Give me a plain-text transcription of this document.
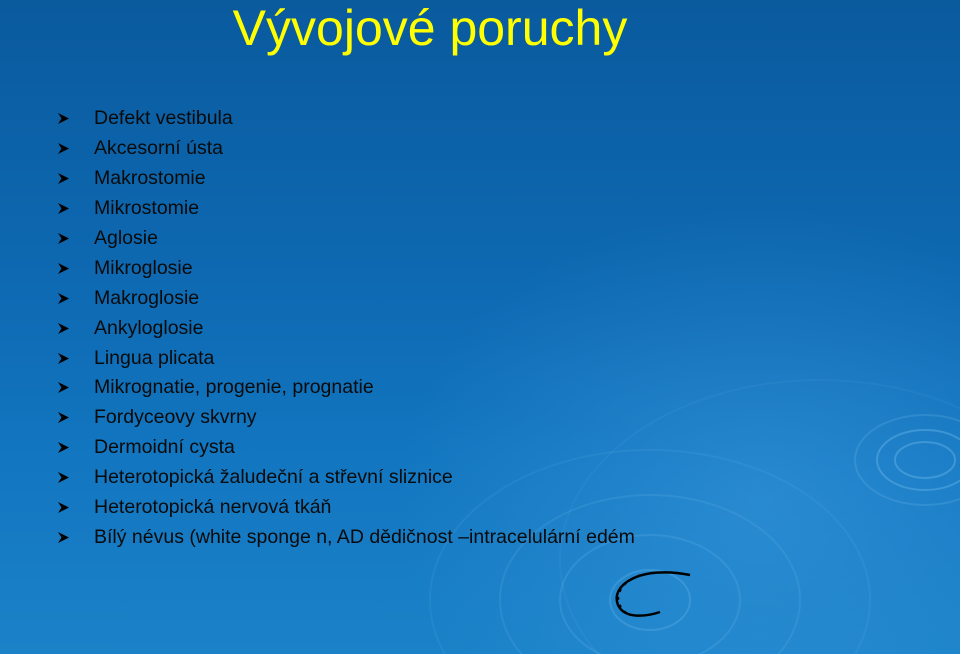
Vývojové poruchy
Defekt vestibula
Akcesorní ústa
Makrostomie
Mikrostomie
Aglosie
Mikroglosie
Makroglosie
Ankyloglosie
Lingua plicata
Mikrognatie, progenie, prognatie
Fordyceovy skvrny
Dermoidní cysta
Heterotopická žaludeční a střevní sliznice
Heterotopická nervová tkáň
Bílý névus (white sponge n, AD dědičnost –intracelulární edém
